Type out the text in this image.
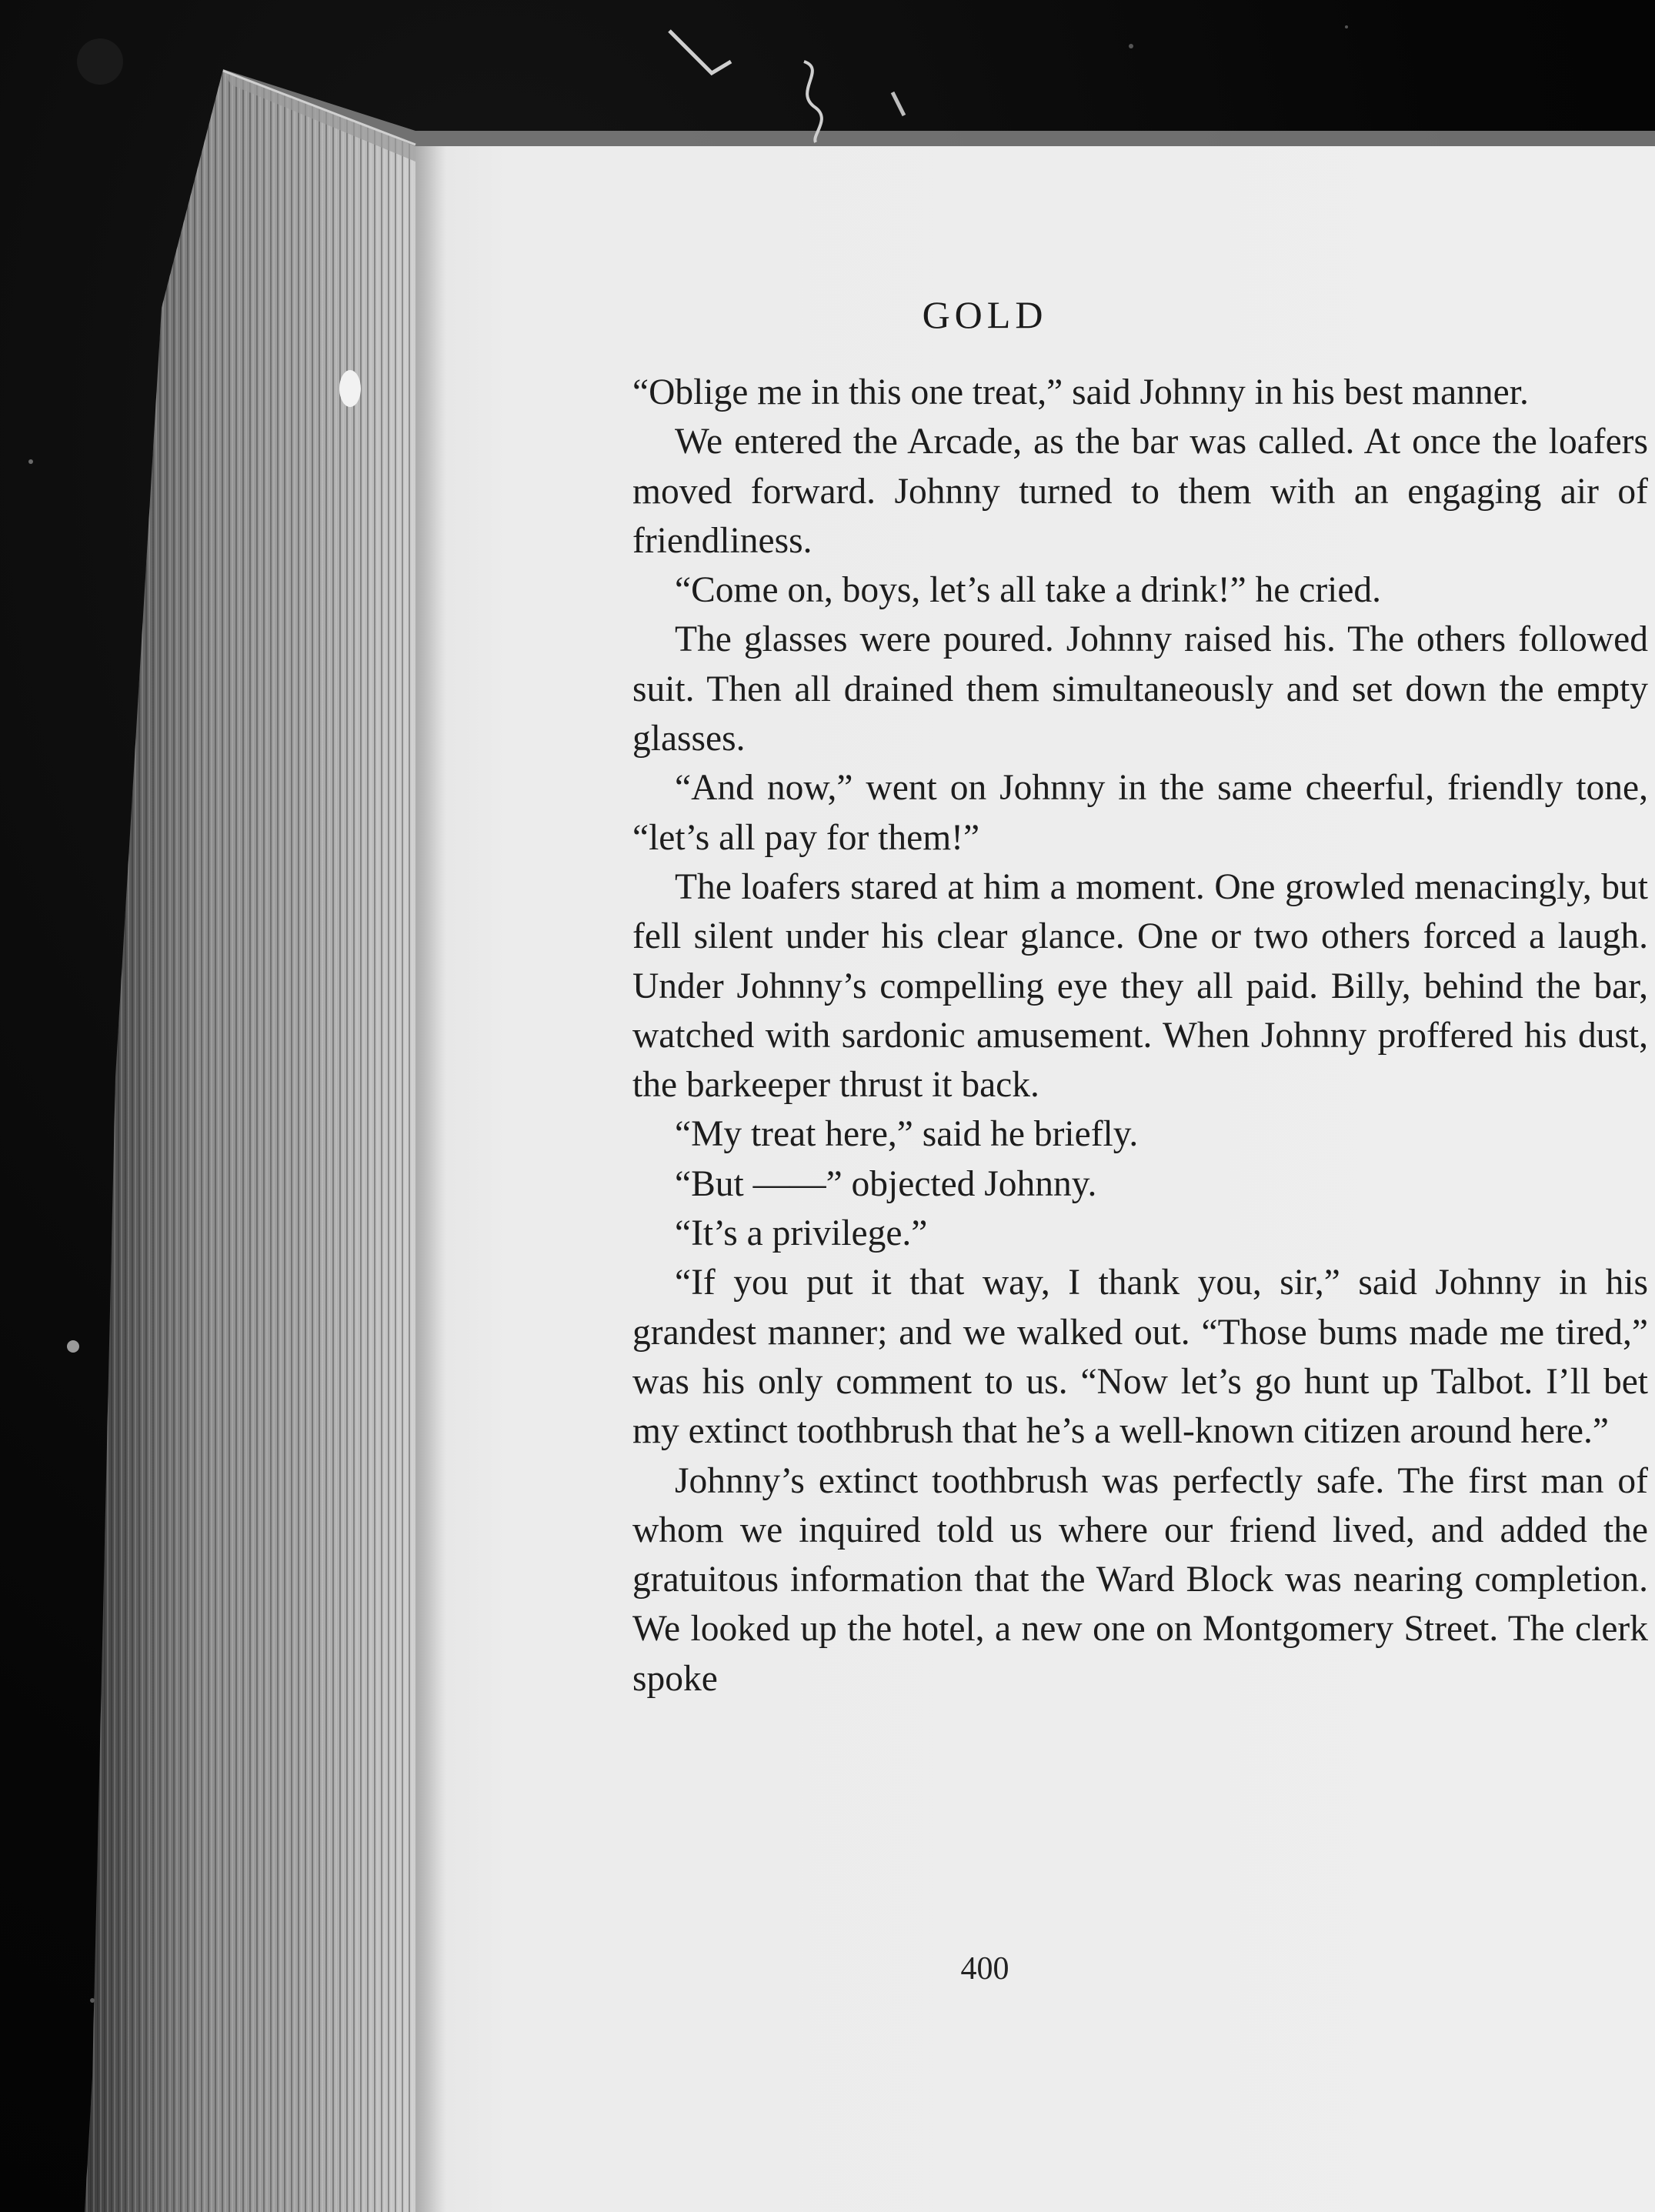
GOLD

“Oblige me in this one treat,” said Johnny in his best manner.

We entered the Arcade, as the bar was called. At once the loafers moved forward. Johnny turned to them with an engaging air of friendliness.

“Come on, boys, let’s all take a drink!” he cried.

The glasses were poured. Johnny raised his. The others followed suit. Then all drained them simultaneously and set down the empty glasses.

“And now,” went on Johnny in the same cheerful, friendly tone, “let’s all pay for them!”

The loafers stared at him a moment. One growled menacingly, but fell silent under his clear glance. One or two others forced a laugh. Under Johnny’s compelling eye they all paid. Billy, behind the bar, watched with sardonic amusement. When Johnny proffered his dust, the barkeeper thrust it back.

“My treat here,” said he briefly.

“But ——” objected Johnny.

“It’s a privilege.”

“If you put it that way, I thank you, sir,” said Johnny in his grandest manner; and we walked out. “Those bums made me tired,” was his only comment to us. “Now let’s go hunt up Talbot. I’ll bet my extinct toothbrush that he’s a well-known citizen around here.”

Johnny’s extinct toothbrush was perfectly safe. The first man of whom we inquired told us where our friend lived, and added the gratuitous information that the Ward Block was nearing completion. We looked up the hotel, a new one on Montgomery Street. The clerk spoke

400
